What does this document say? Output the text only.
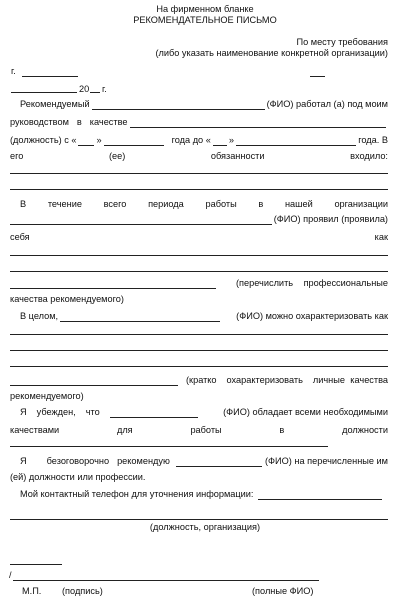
На фирменном бланке
РЕКОМЕНДАТЕЛЬНОЕ ПИСЬМО
По месту требования
(либо указать наименование конкретной организации)
г.
20 г.
Рекомендуемый	(ФИО) работал (а) под моим
руководством в качестве
(должность) с « »	года до « »	года. В
его	(ее)	обязанности	входило:
В течение всего периода работы в нашей организации
(ФИО) проявил (проявила)
себя	как
(перечислить профессиональные
качества рекомендуемого)
В целом,	(ФИО) можно охарактеризовать как
(кратко охарактеризовать личные качества
рекомендуемого)
Я убежден, что	(ФИО) обладает всеми необходимыми
качествами	для	работы	в	должности
Я безоговорочно рекомендую	(ФИО) на перечисленные им
(ей) должности или профессии.
Мой контактный телефон для уточнения информации:
(должность, организация)
/
М.П. (подпись)	(полные ФИО)
